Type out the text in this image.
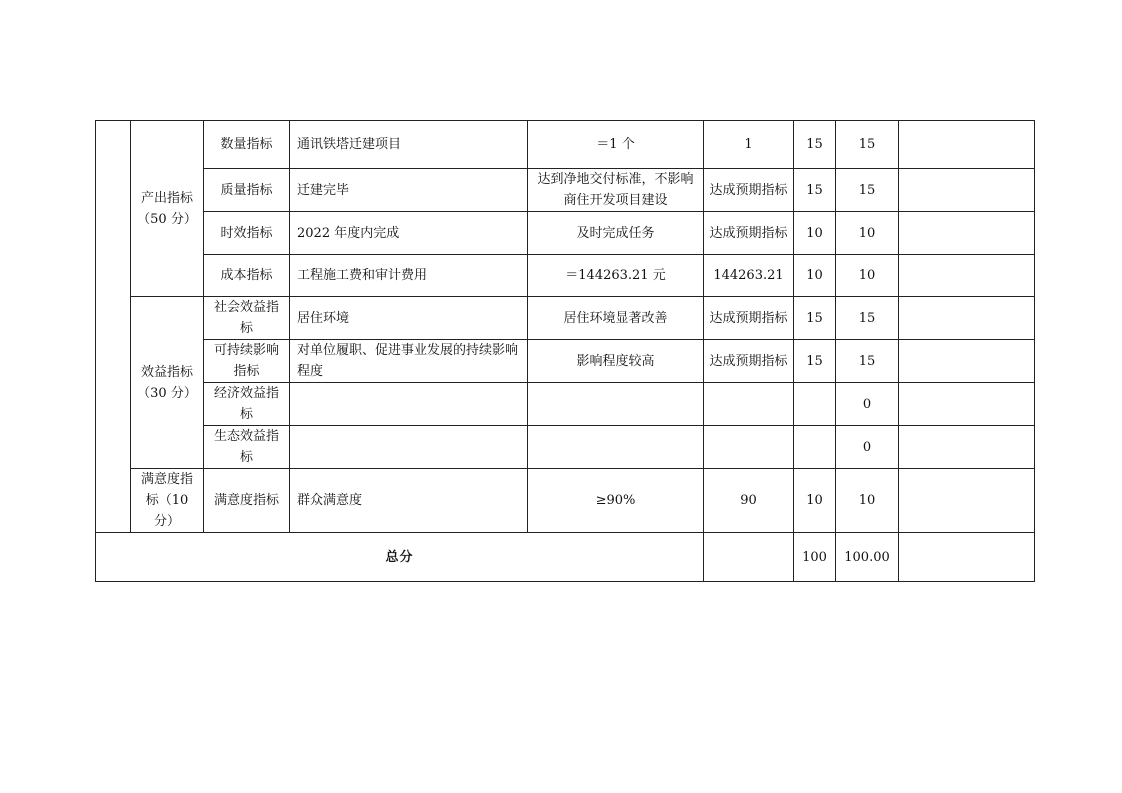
	产出指标（50 分）	数量指标	通讯铁塔迁建项目	＝1 个	1	15	15	
		质量指标	迁建完毕	达到净地交付标准，不影响商住开发项目建设	达成预期指标	15	15	
		时效指标	2022 年度内完成	及时完成任务	达成预期指标	10	10	
		成本指标	工程施工费和审计费用	＝144263.21 元	144263.21	10	10	
	效益指标（30 分）	社会效益指标	居住环境	居住环境显著改善	达成预期指标	15	15	
		可持续影响指标	对单位履职、促进事业发展的持续影响程度	影响程度较高	达成预期指标	15	15	
		经济效益指标					0	
		生态效益指标					0	
	满意度指标（10 分）	满意度指标	群众满意度	≥90%	90	10	10	
总分						100	100.00	
